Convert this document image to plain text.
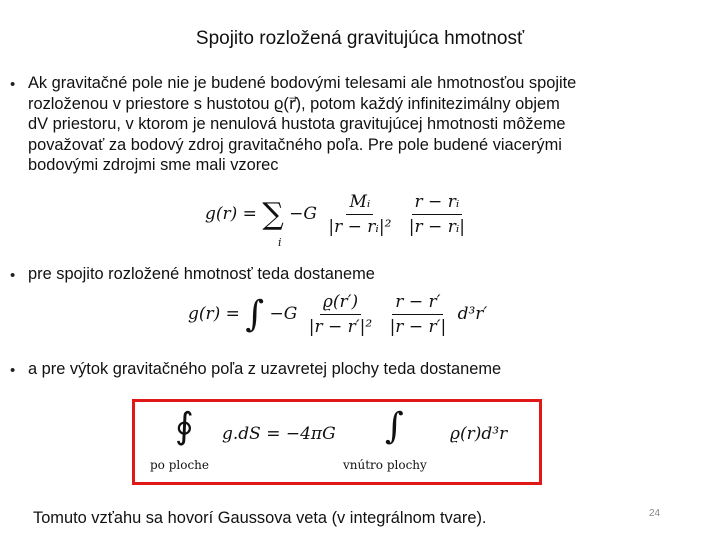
Spojito rozložená gravitujúca hmotnosť
•
•
•
Ak gravitačné pole nie je budené bodovými telesami ale hmotnosťou spojite
rozloženou v priestore s hustotou ϱ(r⃗), potom každý infinitezimálny objem
dV priestoru, v ktorom je nenulová hustota gravitujúcej hmotnosti môžeme
považovať za bodový zdroj gravitačného poľa. Pre pole budené viacerými
bodovými zdrojmi sme mali vzorec
g(r) = ∑ $-G \frac{\text{Mᵢ}}{\text{|r − rᵢ|²}}$
$\frac{\text{r − rᵢ}}{\text{|r − rᵢ|}}$
i
pre spojito rozložené hmotnosť teda dostaneme
g(r) = ∫ $-G \frac{ϱ(r')}{\text{|r − r′|²}}$
$\frac{r - r'}{|r - r'|} d^3r'$
a pre výtok gravitačného poľa z uzavretej plochy teda dostaneme
∮ g.dS = −4πG ∫	ϱ(r)d³r
po ploche	vnútro plochy
Tomuto vzťahu sa hovorí Gaussova veta (v integrálnom tvare).	24
